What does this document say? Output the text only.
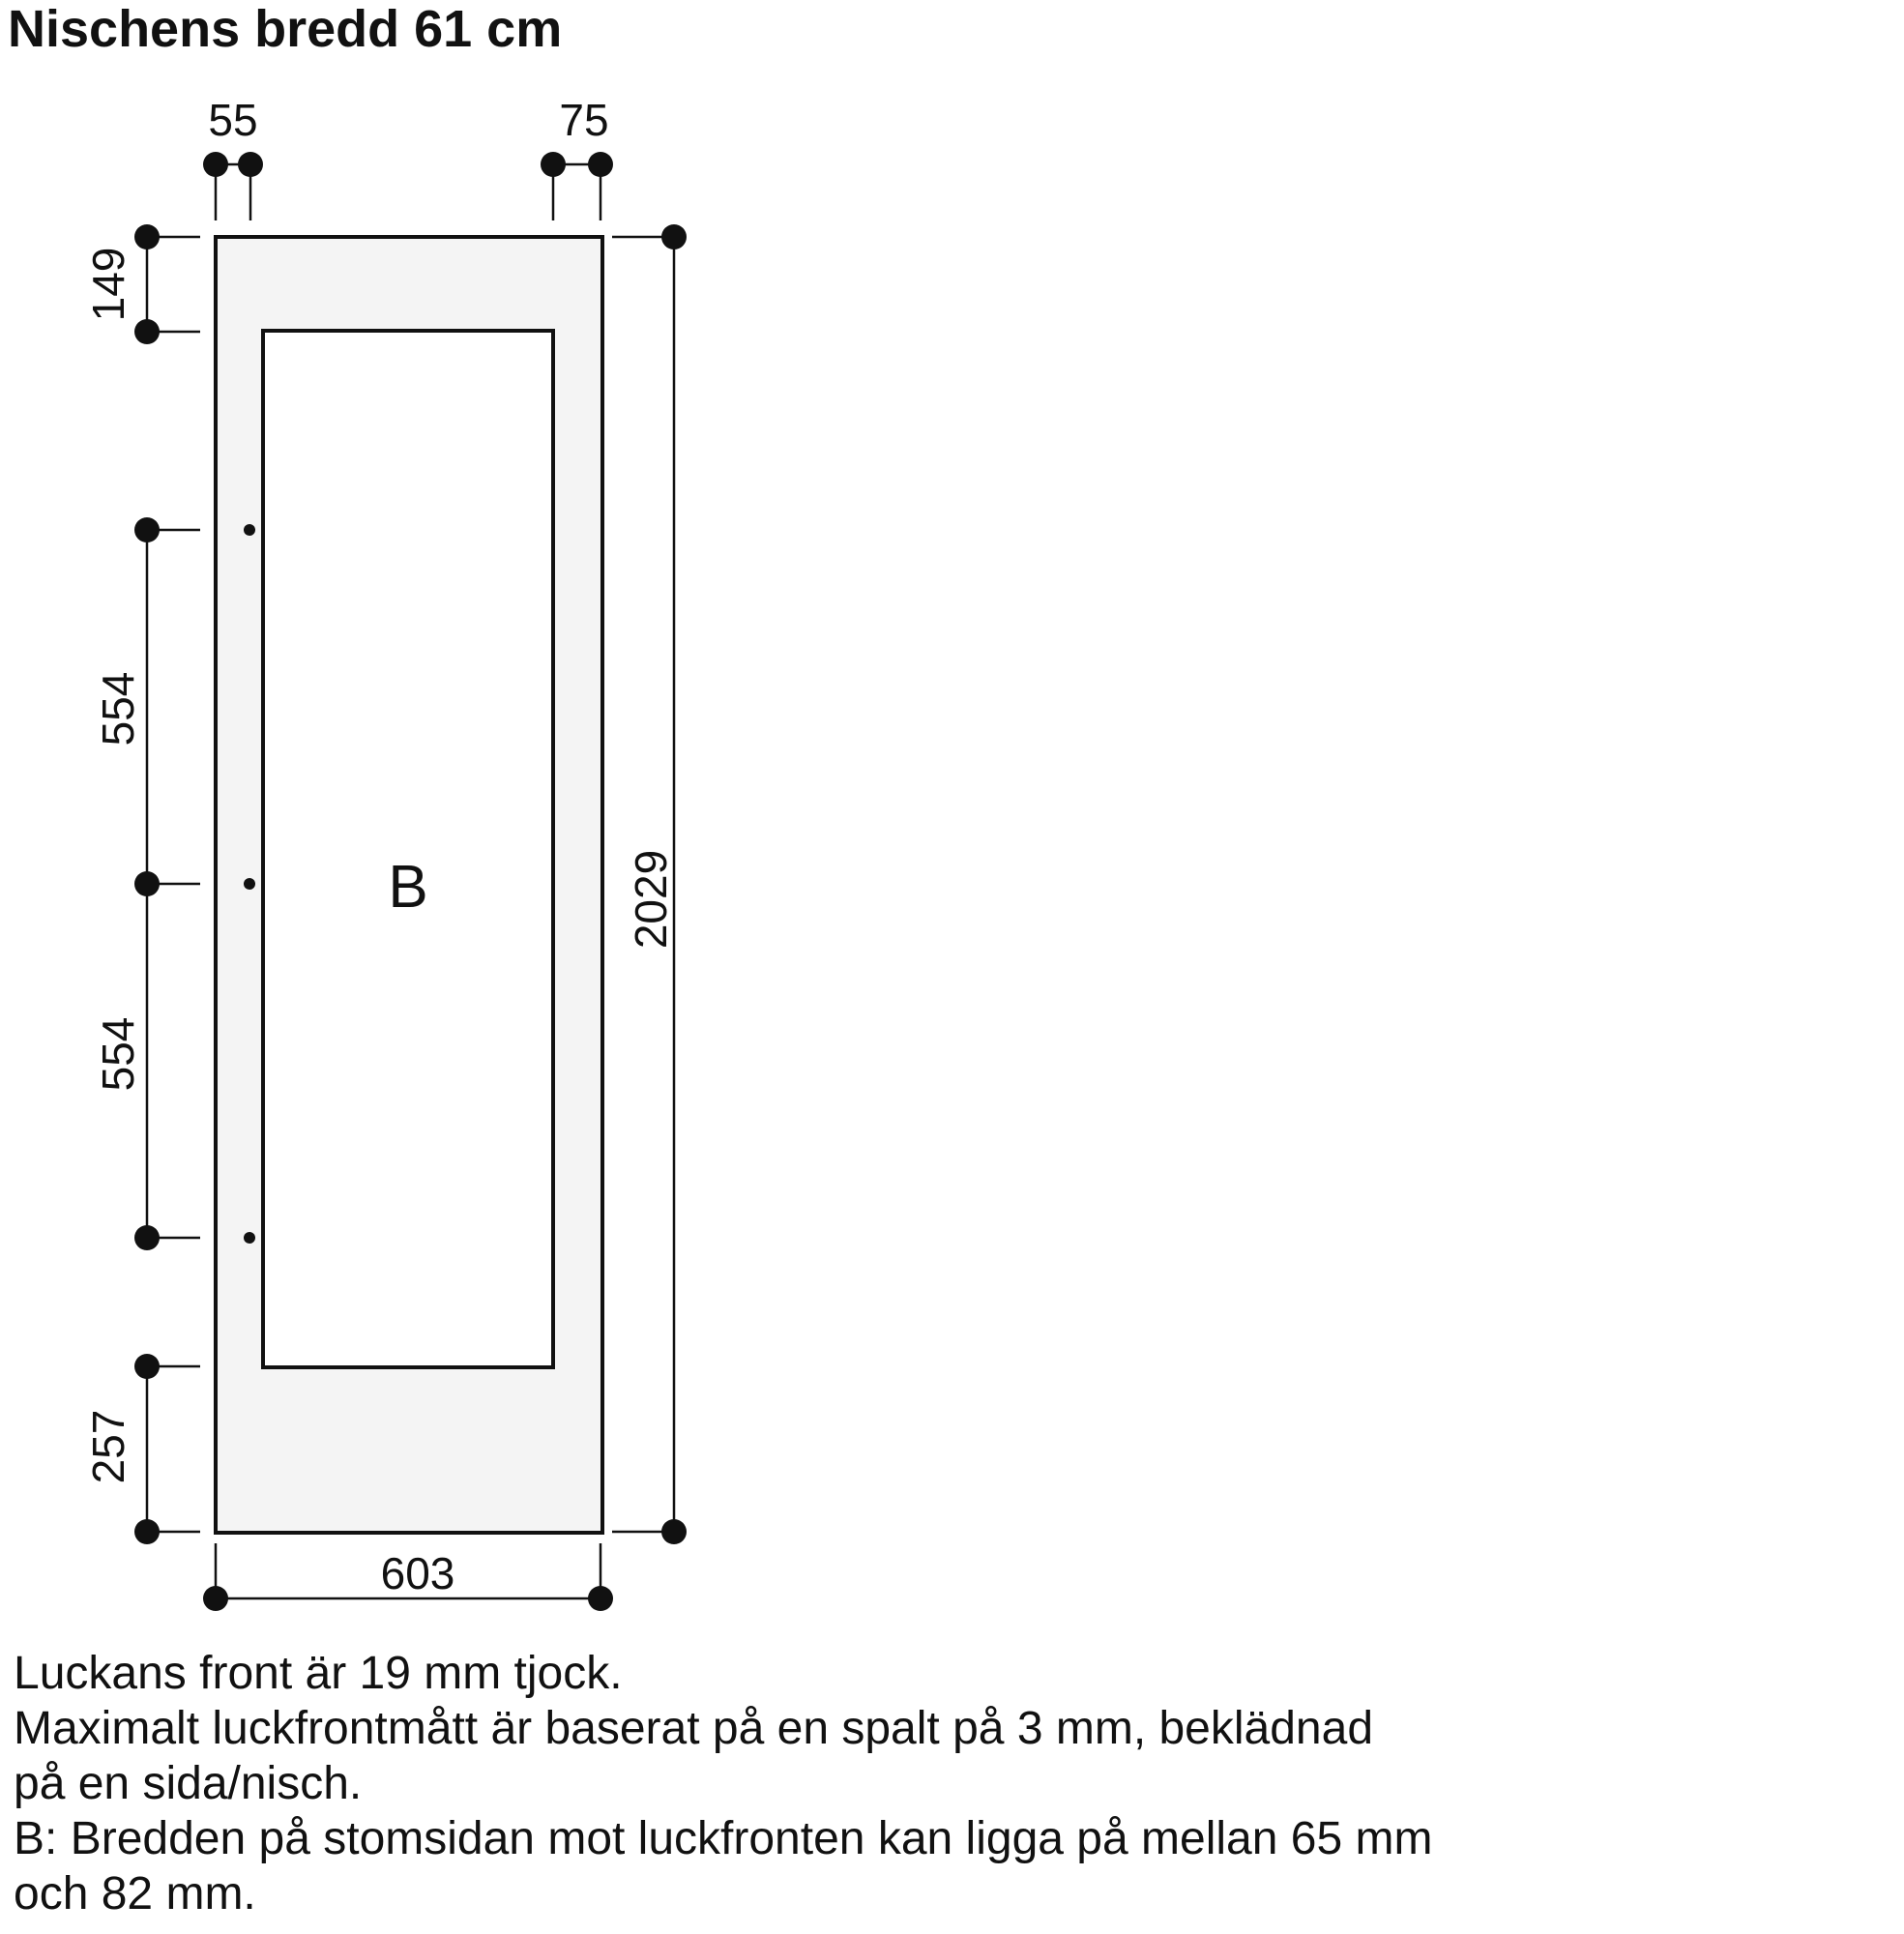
Nischens bredd 61 cm
B
55	75
149
554
554
257
2029
603

Luckans front är 19 mm tjock.

Maximalt luckfrontmått är baserat på en spalt på 3 mm, beklädnad

på en sida/nisch.

B: Bredden på stomsidan mot luckfronten kan ligga på mellan 65 mm

och 82 mm.
